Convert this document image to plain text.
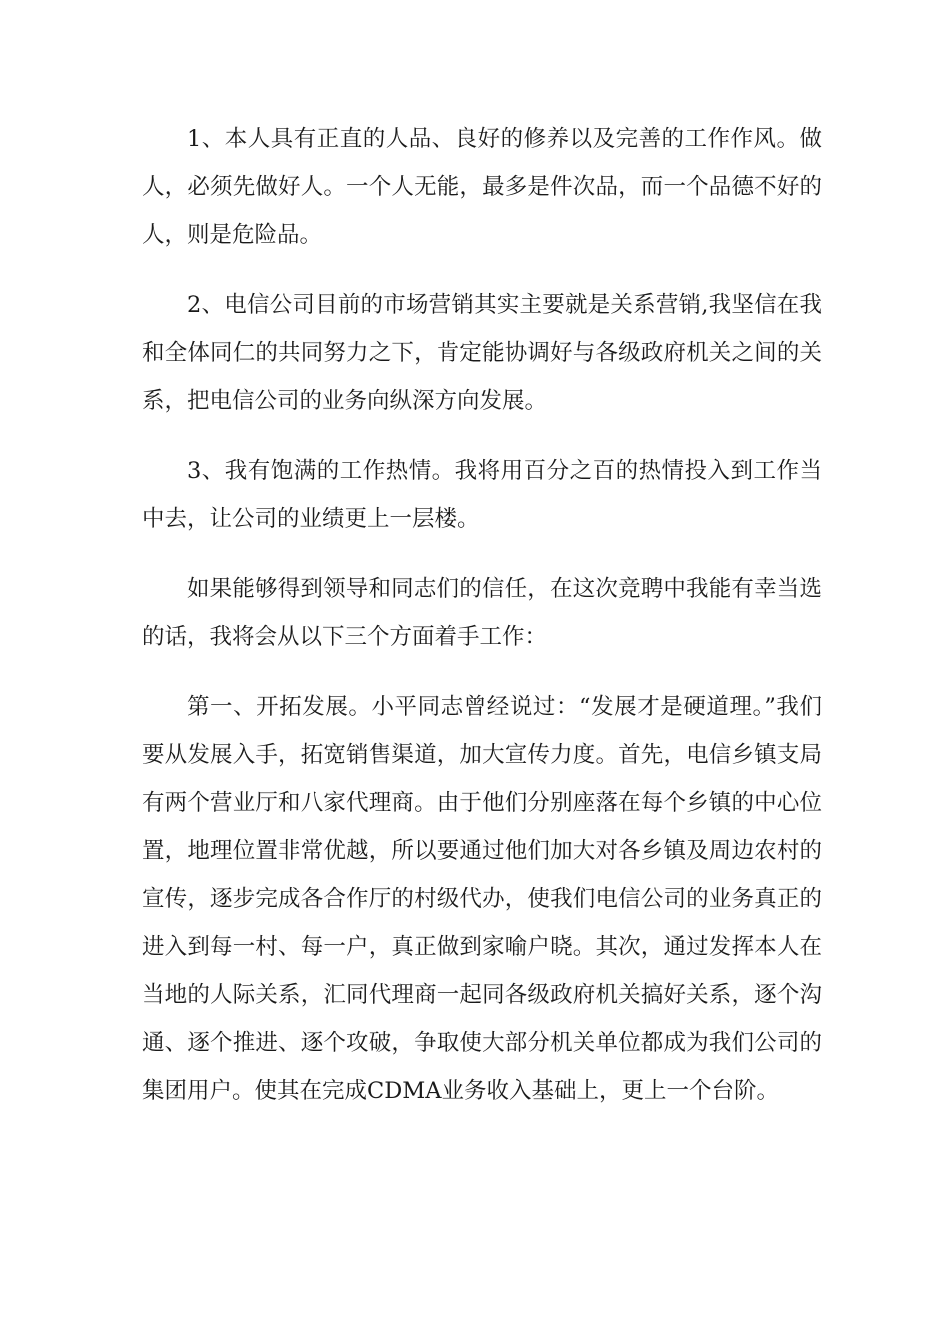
1、本人具有正直的人品、良好的修养以及完善的工作作风。做人，必须先做好人。一个人无能，最多是件次品，而一个品德不好的人，则是危险品。

2、电信公司目前的市场营销其实主要就是关系营销,我坚信在我和全体同仁的共同努力之下，肯定能协调好与各级政府机关之间的关系，把电信公司的业务向纵深方向发展。

3、我有饱满的工作热情。我将用百分之百的热情投入到工作当中去，让公司的业绩更上一层楼。

如果能够得到领导和同志们的信任，在这次竞聘中我能有幸当选的话，我将会从以下三个方面着手工作：

第一、开拓发展。小平同志曾经说过：“发展才是硬道理。”我们要从发展入手，拓宽销售渠道，加大宣传力度。首先，电信乡镇支局有两个营业厅和八家代理商。由于他们分别座落在每个乡镇的中心位置，地理位置非常优越，所以要通过他们加大对各乡镇及周边农村的宣传，逐步完成各合作厅的村级代办，使我们电信公司的业务真正的进入到每一村、每一户，真正做到家喻户晓。其次，通过发挥本人在当地的人际关系，汇同代理商一起同各级政府机关搞好关系，逐个沟通、逐个推进、逐个攻破，争取使大部分机关单位都成为我们公司的集团用户。使其在完成CDMA业务收入基础上，更上一个台阶。
